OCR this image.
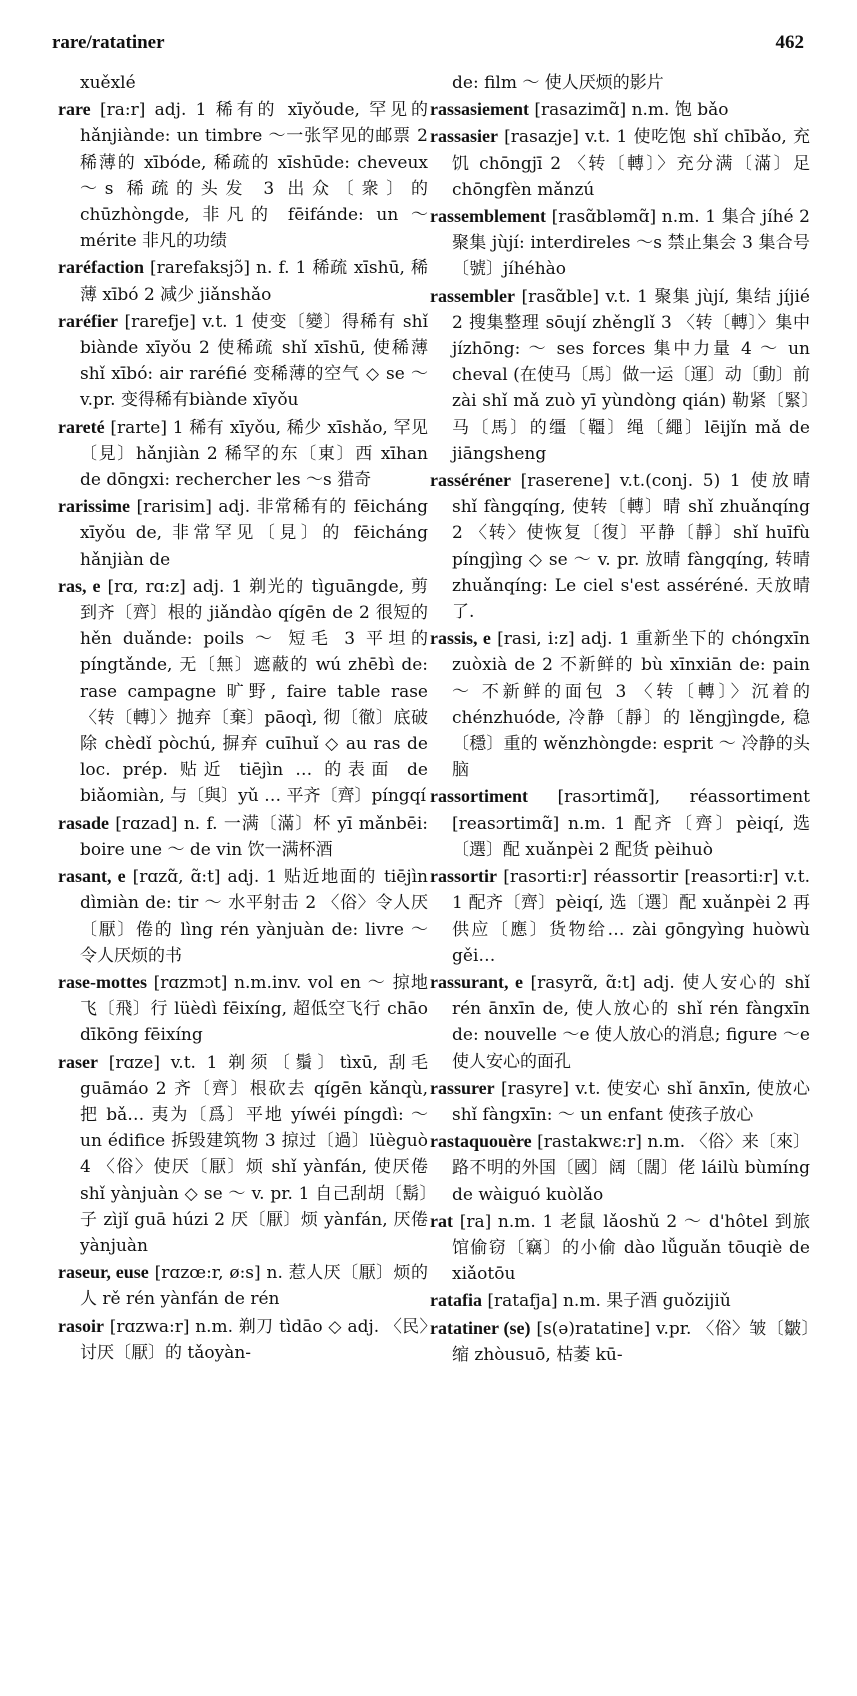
rare/ratatiner	462

xuěxlé

rare [ra:r] adj. 1 稀有的 xīyǒude, 罕见的 hǎnjiànde: un timbre ～一张罕见的邮票 2 稀薄的 xībóde, 稀疏的 xīshūde: cheveux ～s 稀疏的头发 3 出众〔衆〕的 chūzhòngde, 非凡的 fēifánde: un ～ mérite 非凡的功绩

raréfaction [rarefaksjɔ̃] n. f. 1 稀疏 xīshū, 稀薄 xībó 2 减少 jiǎnshǎo

raréfier [rarefje] v.t. 1 使变〔變〕得稀有 shǐ biànde xīyǒu 2 使稀疏 shǐ xīshū, 使稀薄 shǐ xībó: air raréfié 变稀薄的空气 ◇ se ～ v.pr. 变得稀有biànde xīyǒu

rareté [rarte] 1 稀有 xīyǒu, 稀少 xīshǎo, 罕见〔見〕hǎnjiàn 2 稀罕的东〔東〕西 xīhan de dōngxi: rechercher les ～s 猎奇

rarissime [rarisim] adj. 非常稀有的 fēicháng xīyǒu de, 非常罕见〔見〕的 fēicháng hǎnjiàn de

ras, e [rɑ, rɑ:z] adj. 1 剃光的 tìguāngde, 剪到齐〔齊〕根的 jiǎndào qígēn de 2 很短的 hěn duǎnde: poils ～ 短毛 3 平坦的 píngtǎnde, 无〔無〕遮蔽的 wú zhēbì de: rase campagne 旷野, faire table rase 〈转〔轉〕〉抛弃〔棄〕pāoqì, 彻〔徹〕底破除 chèdǐ pòchú, 摒弃 cuīhuǐ ◇ au ras de loc. prép. 贴近 tiējìn … 的表面 de biǎomiàn, 与〔與〕yǔ … 平齐〔齊〕píngqí

rasade [rɑzad] n. f. 一满〔滿〕杯 yī mǎnbēi: boire une ～ de vin 饮一满杯酒

rasant, e [rɑzɑ̃, ɑ̃:t] adj. 1 贴近地面的 tiējìn dìmiàn de: tir ～ 水平射击 2 〈俗〉令人厌〔厭〕倦的 lìng rén yànjuàn de: livre ～ 令人厌烦的书

rase-mottes [rɑzmɔt] n.m.inv. vol en ～ 掠地飞〔飛〕行 lüèdì fēixíng, 超低空飞行 chāo dīkōng fēixíng

raser [rɑze] v.t. 1 剃须〔鬚〕tìxū, 刮毛 guāmáo 2 齐〔齊〕根砍去 qígēn kǎnqù, 把 bǎ… 夷为〔爲〕平地 yíwéi píngdì: ～ un édifice 拆毁建筑物 3 掠过〔過〕lüèguò 4 〈俗〉使厌〔厭〕烦 shǐ yànfán, 使厌倦 shǐ yànjuàn ◇ se ～ v. pr. 1 自己刮胡〔鬍〕子 zìjǐ guā húzi 2 厌〔厭〕烦 yànfán, 厌倦 yànjuàn

raseur, euse [rɑzœ:r, ø:s] n. 惹人厌〔厭〕烦的人 rě rén yànfán de rén

rasoir [rɑzwa:r] n.m. 剃刀 tìdāo ◇ adj. 〈民〉讨厌〔厭〕的 tǎoyàn-

de: film ～ 使人厌烦的影片

rassasiement [rasazimɑ̃] n.m. 饱 bǎo

rassasier [rasazje] v.t. 1 使吃饱 shǐ chībǎo, 充饥 chōngjī 2 〈转〔轉〕〉充分满〔滿〕足 chōngfèn mǎnzú

rassemblement [rasɑ̃bləmɑ̃] n.m. 1 集合 jíhé 2 聚集 jùjí: interdireles ～s 禁止集会 3 集合号〔號〕jíhéhào

rassembler [rasɑ̃ble] v.t. 1 聚集 jùjí, 集结 jíjié 2 搜集整理 sōují zhěnglǐ 3 〈转〔轉〕〉集中 jízhōng: ～ ses forces 集中力量 4 ～ un cheval (在使马〔馬〕做一运〔運〕动〔動〕前 zài shǐ mǎ zuò yī yùndòng qián) 勒紧〔緊〕马〔馬〕的缰〔韁〕绳〔繩〕lēijǐn mǎ de jiāngsheng

rasséréner [raserene] v.t.(conj. 5) 1 使放晴 shǐ fàngqíng, 使转〔轉〕晴 shǐ zhuǎnqíng 2 〈转〉使恢复〔復〕平静〔靜〕shǐ huīfù píngjìng ◇ se ～ v. pr. 放晴 fàngqíng, 转晴 zhuǎnqíng: Le ciel s'est asséréné. 天放晴了.

rassis, e [rasi, i:z] adj. 1 重新坐下的 chóngxīn zuòxià de 2 不新鲜的 bù xīnxiān de: pain ～ 不新鲜的面包 3 〈转〔轉〕〉沉着的 chénzhuóde, 冷静〔靜〕的 lěngjìngde, 稳〔穩〕重的 wěnzhòngde: esprit ～ 冷静的头脑

rassortiment [rasɔrtimɑ̃], réassortiment [reasɔrtimɑ̃] n.m. 1 配齐〔齊〕pèiqí, 选〔選〕配 xuǎnpèi 2 配货 pèihuò

rassortir [rasɔrti:r] réassortir [reasɔrti:r] v.t. 1 配齐〔齊〕pèiqí, 选〔選〕配 xuǎnpèi 2 再供应〔應〕货物给… zài gōngyìng huòwù gěi…

rassurant, e [rasyrɑ̃, ɑ̃:t] adj. 使人安心的 shǐ rén ānxīn de, 使人放心的 shǐ rén fàngxīn de: nouvelle ～e 使人放心的消息; figure ～e 使人安心的面孔

rassurer [rasyre] v.t. 使安心 shǐ ānxīn, 使放心 shǐ fàngxīn: ～ un enfant 使孩子放心

rastaquouère [rastakwɛ:r] n.m. 〈俗〉来〔來〕路不明的外国〔國〕阔〔闊〕佬 láilù bùmíng de wàiguó kuòlǎo

rat [ra] n.m. 1 老鼠 lǎoshǔ 2 ～ d'hôtel 到旅馆偷窃〔竊〕的小偷 dào lǚguǎn tōuqiè de xiǎotōu

ratafia [ratafja] n.m. 果子酒 guǒzijiǔ

ratatiner (se) [s(ə)ratatine] v.pr. 〈俗〉皱〔皺〕缩 zhòusuō, 枯萎 kū-
